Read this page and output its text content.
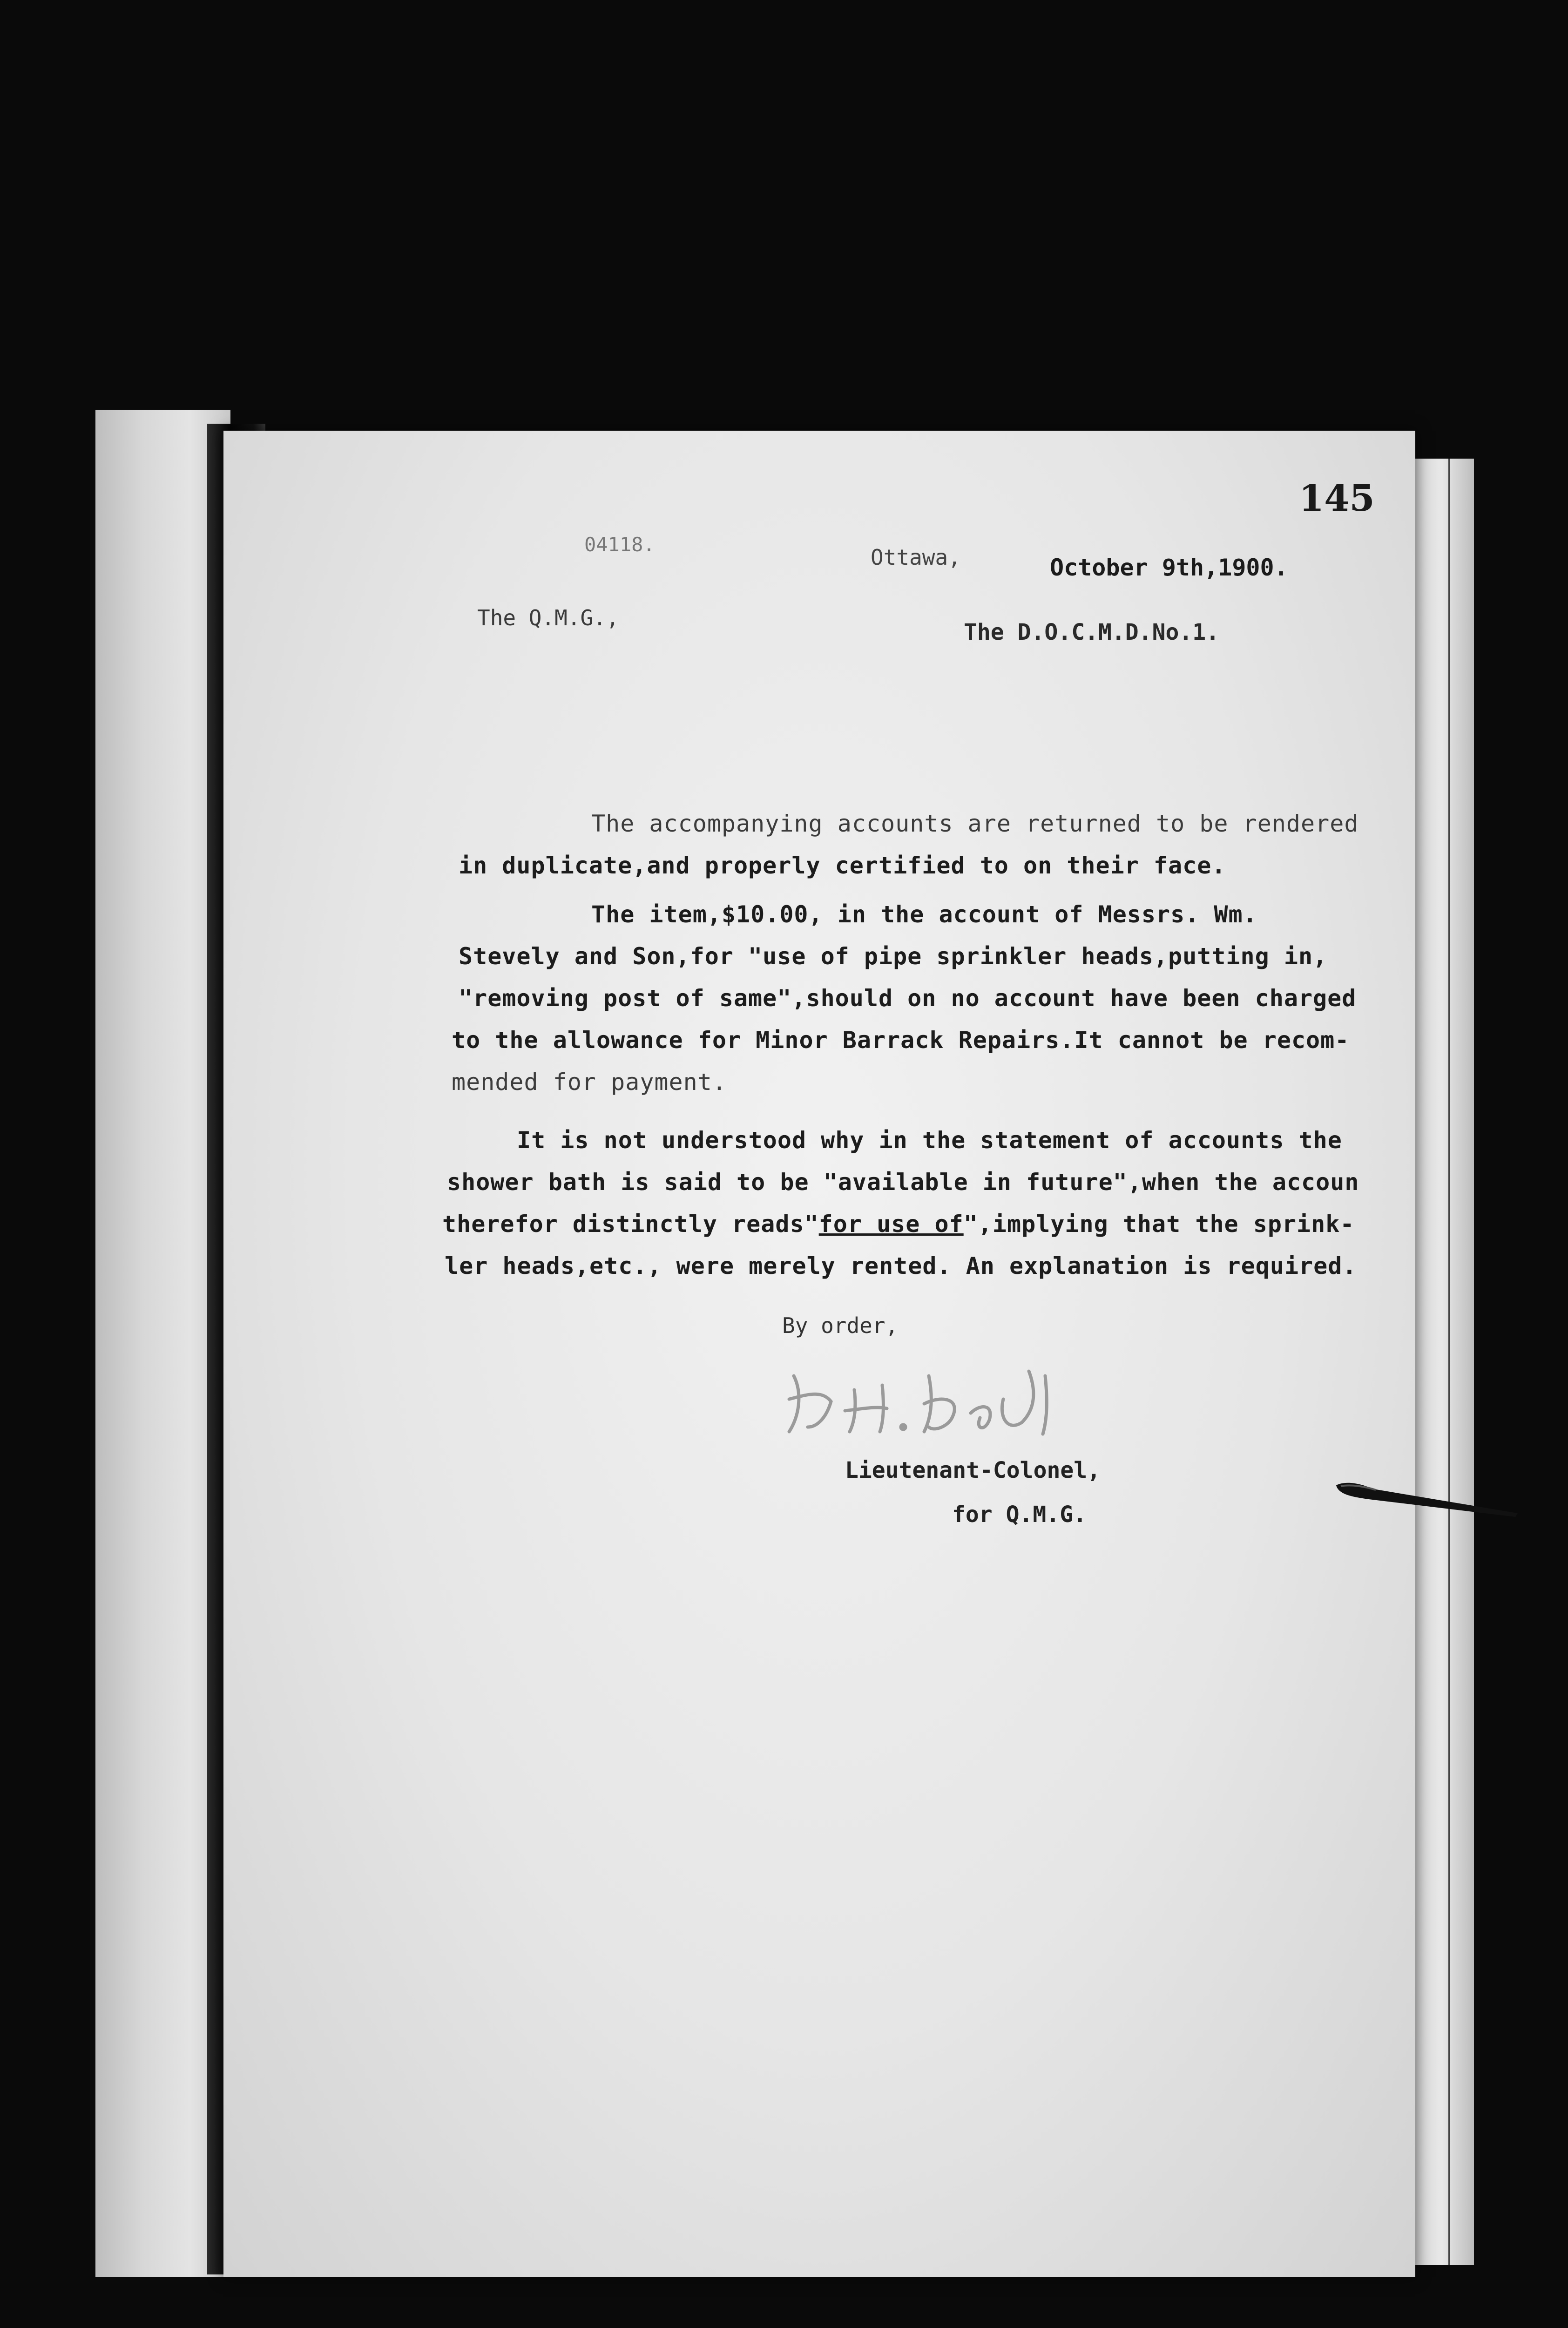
145
04118.
Ottawa,	October 9th,1900.
The Q.M.G.,
The D.O.C.M.D.No.1.
The accompanying accounts are returned to be rendered
in duplicate,and properly certified to on their face.
The item,$10.00, in the account of Messrs. Wm.
Stevely and Son,for "use of pipe sprinkler heads,putting in,
"removing post of same",should on no account have been charged
to the allowance for Minor Barrack Repairs.It cannot be recom-
mended for payment.
It is not understood why in the statement of accounts the
shower bath is said to be "available in future",when the accoun
therefor distinctly reads"for use of",implying that the sprink-
ler heads,etc., were merely rented. An explanation is required.
By order,
Lieutenant-Colonel,
for Q.M.G.
